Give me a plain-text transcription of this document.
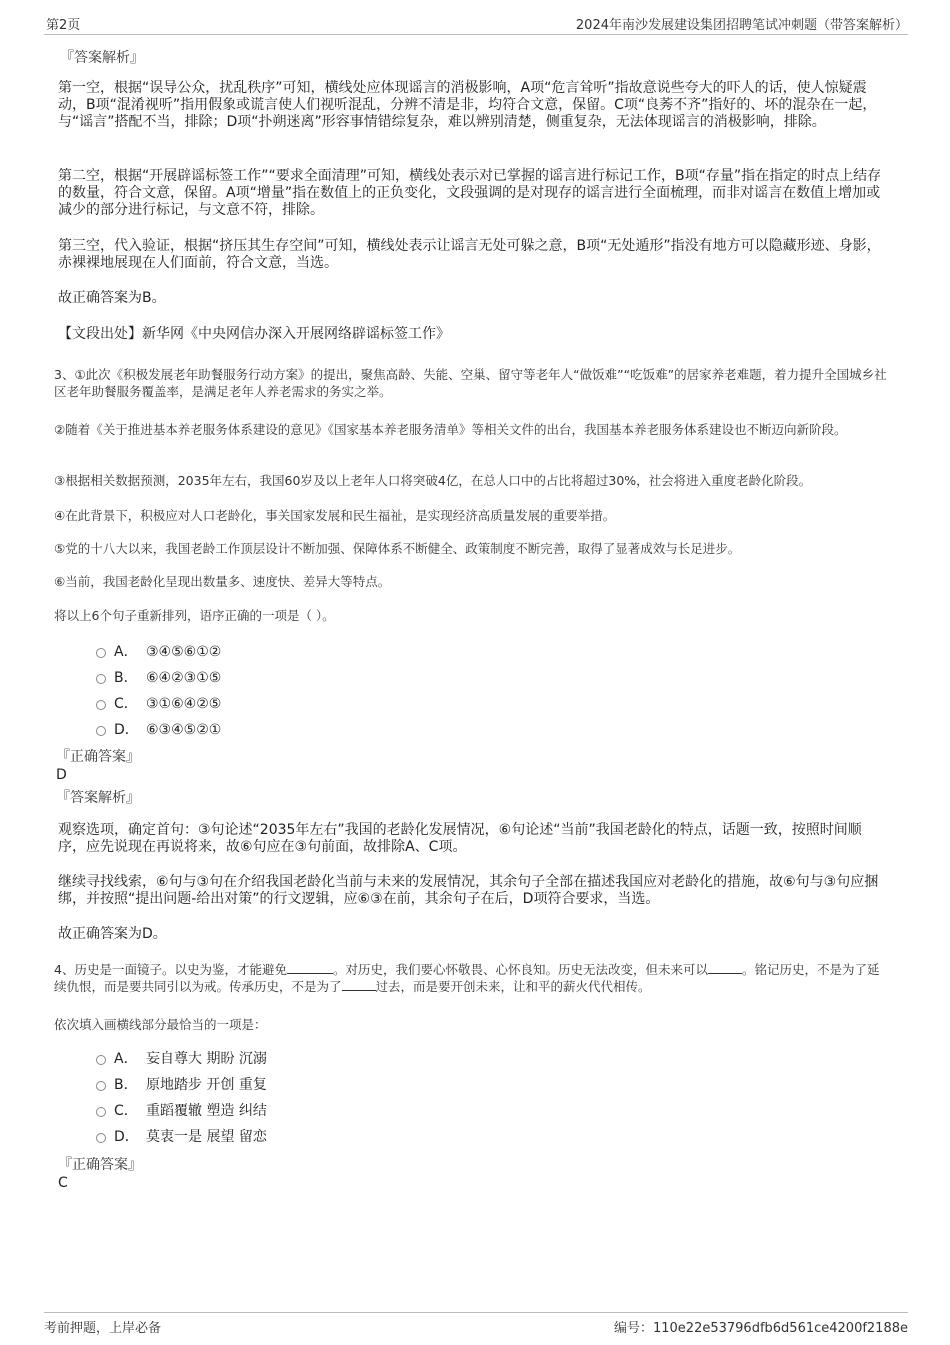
第2页	2024年南沙发展建设集团招聘笔试冲刺题（带答案解析）
『答案解析』

第一空，根据“误导公众，扰乱秩序”可知，横线处应体现谣言的消极影响，A项“危言耸听”指故意说些夸大的吓人的话，使人惊疑震动，B项“混淆视听”指用假象或谎言使人们视听混乱，分辨不清是非，均符合文意，保留。C项“良莠不齐”指好的、坏的混杂在一起，与“谣言”搭配不当，排除；D项“扑朔迷离”形容事情错综复杂，难以辨别清楚，侧重复杂，无法体现谣言的消极影响，排除。

第二空，根据“开展辟谣标签工作”“要求全面清理”可知，横线处表示对已掌握的谣言进行标记工作，B项“存量”指在指定的时点上结存的数量，符合文意，保留。A项“增量”指在数值上的正负变化，文段强调的是对现存的谣言进行全面梳理，而非对谣言在数值上增加或减少的部分进行标记，与文意不符，排除。

第三空，代入验证，根据“挤压其生存空间”可知，横线处表示让谣言无处可躲之意，B项“无处遁形”指没有地方可以隐藏形迹、身影，赤裸裸地展现在人们面前，符合文意，当选。

故正确答案为B。

【文段出处】新华网《中央网信办深入开展网络辟谣标签工作》

3、①此次《积极发展老年助餐服务行动方案》的提出，聚焦高龄、失能、空巢、留守等老年人“做饭难”“吃饭难”的居家养老难题，着力提升全国城乡社区老年助餐服务覆盖率，是满足老年人养老需求的务实之举。

②随着《关于推进基本养老服务体系建设的意见》《国家基本养老服务清单》等相关文件的出台，我国基本养老服务体系建设也不断迈向新阶段。

③根据相关数据预测，2035年左右，我国60岁及以上老年人口将突破4亿，在总人口中的占比将超过30%，社会将进入重度老龄化阶段。

④在此背景下，积极应对人口老龄化，事关国家发展和民生福祉，是实现经济高质量发展的重要举措。

⑤党的十八大以来，我国老龄工作顶层设计不断加强、保障体系不断健全、政策制度不断完善，取得了显著成效与长足进步。

⑥当前，我国老龄化呈现出数量多、速度快、差异大等特点。

将以上6个句子重新排列，语序正确的一项是（ ）。

A． ③④⑤⑥①②
B． ⑥④②③①⑤
C． ③①⑥④②⑤
D． ⑥③④⑤②①
『正确答案』
D
『答案解析』

观察选项，确定首句：③句论述“2035年左右”我国的老龄化发展情况，⑥句论述“当前”我国老龄化的特点，话题一致，按照时间顺序，应先说现在再说将来，故⑥句应在③句前面，故排除A、C项。

继续寻找线索，⑥句与③句在介绍我国老龄化当前与未来的发展情况，其余句子全部在描述我国应对老龄化的措施，故⑥句与③句应捆绑，并按照“提出问题-给出对策”的行文逻辑，应⑥③在前，其余句子在后，D项符合要求，当选。

故正确答案为D。

4、历史是一面镜子。以史为鉴，才能避免	。对历史，我们要心怀敬畏、心怀良知。历史无法改变，但未来可以	。铭记历史，不是为了延续仇恨，而是要共同引以为戒。传承历史，不是为了	过去，而是要开创未来，让和平的薪火代代相传。

依次填入画横线部分最恰当的一项是：

A． 妄自尊大 期盼 沉溺
B． 原地踏步 开创 重复
C． 重蹈覆辙 塑造 纠结
D． 莫衷一是 展望 留恋
『正确答案』
C
考前押题，上岸必备	编号：110e22e53796dfb6d561ce4200f2188e
